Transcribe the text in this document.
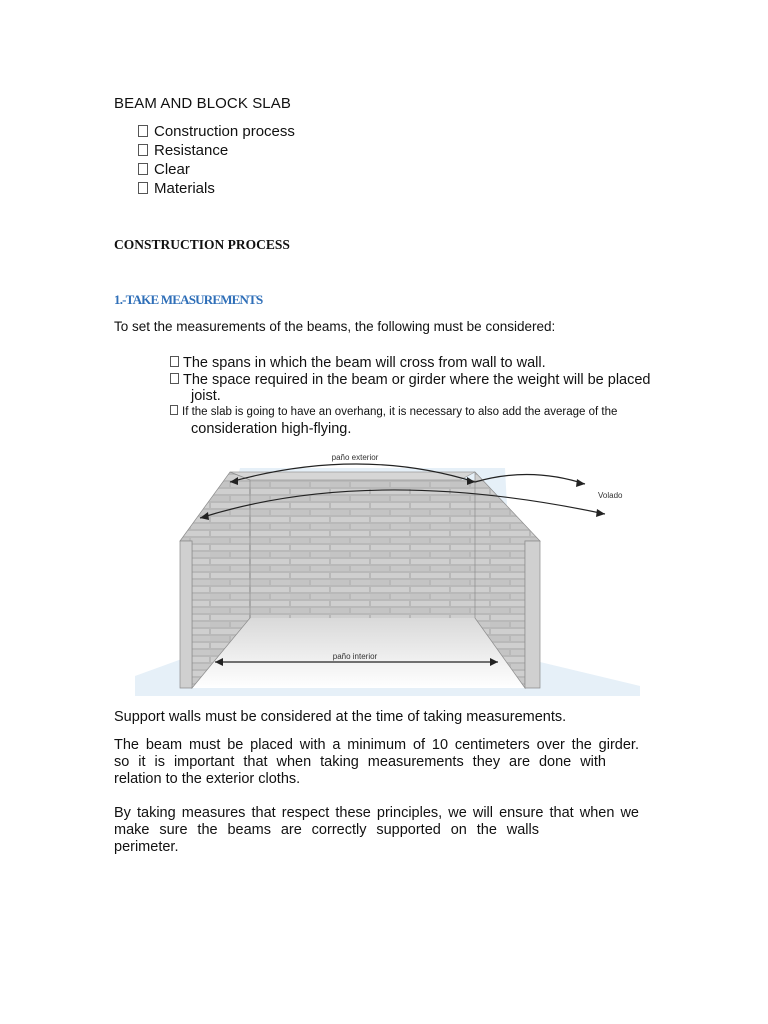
BEAM AND BLOCK SLAB
Construction process
Resistance
Clear
Materials
CONSTRUCTION PROCESS
1.-TAKE MEASUREMENTS
To set the measurements of the beams, the following must be considered:
The spans in which the beam will cross from wall to wall.
The space required in the beam or girder where the weight will be placed
joist.
If the slab is going to have an overhang, it is necessary to also add the average of the
consideration high-flying.
paño exterior
Volado
paño interior
Support walls must be considered at the time of taking measurements.
The beam must be placed with a minimum of 10 centimeters over the girder.
so it is important that when taking measurements they are done with
relation to the exterior cloths.
By taking measures that respect these principles, we will ensure that when we
make sure the beams are correctly supported on the walls
perimeter.
